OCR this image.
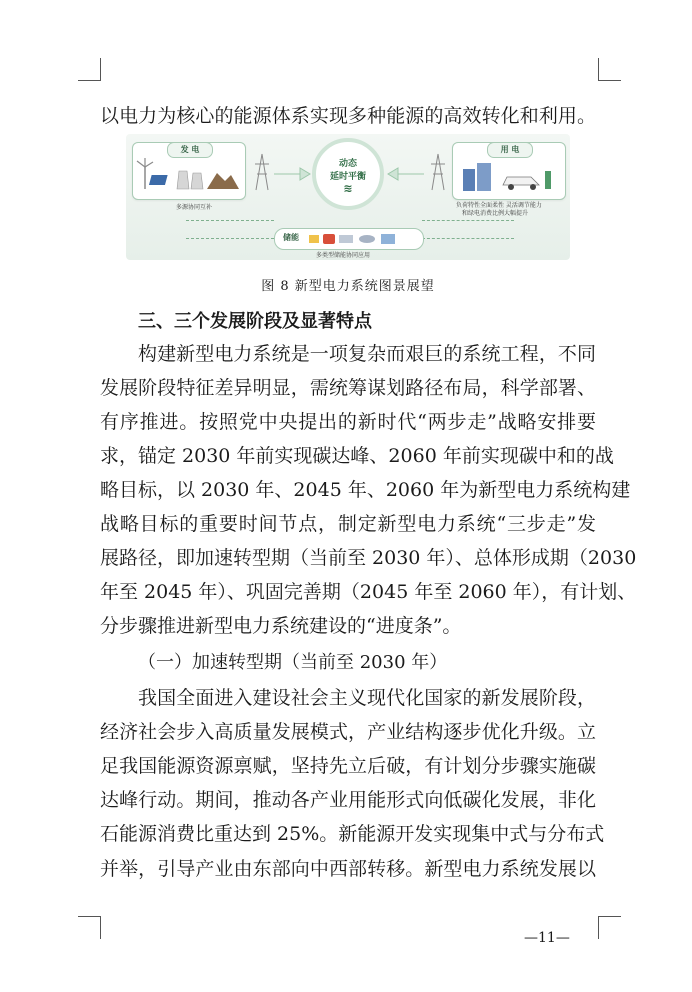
以电力为核心的能源体系实现多种能源的高效转化和利用。
发 电
多源协同互补
动态
延时平衡
≋
用 电
负荷特性全面柔性 灵活调节能力
和绿电消费比例大幅提升
储能
多类型储能协同应用
图 8 新型电力系统图景展望
三、三个发展阶段及显著特点
构建新型电力系统是一项复杂而艰巨的系统工程，不同
发展阶段特征差异明显，需统筹谋划路径布局，科学部署、
有序推进。按照党中央提出的新时代“两步走”战略安排要
求，锚定 2030 年前实现碳达峰、2060 年前实现碳中和的战
略目标，以 2030 年、2045 年、2060 年为新型电力系统构建
战略目标的重要时间节点，制定新型电力系统“三步走”发
展路径，即加速转型期（当前至 2030 年）、总体形成期（2030
年至 2045 年）、巩固完善期（2045 年至 2060 年），有计划、
分步骤推进新型电力系统建设的“进度条”。
（一）加速转型期（当前至 2030 年）
我国全面进入建设社会主义现代化国家的新发展阶段，
经济社会步入高质量发展模式，产业结构逐步优化升级。立
足我国能源资源禀赋，坚持先立后破，有计划分步骤实施碳
达峰行动。期间，推动各产业用能形式向低碳化发展，非化
石能源消费比重达到 25%。新能源开发实现集中式与分布式
并举，引导产业由东部向中西部转移。新型电力系统发展以
—11—
